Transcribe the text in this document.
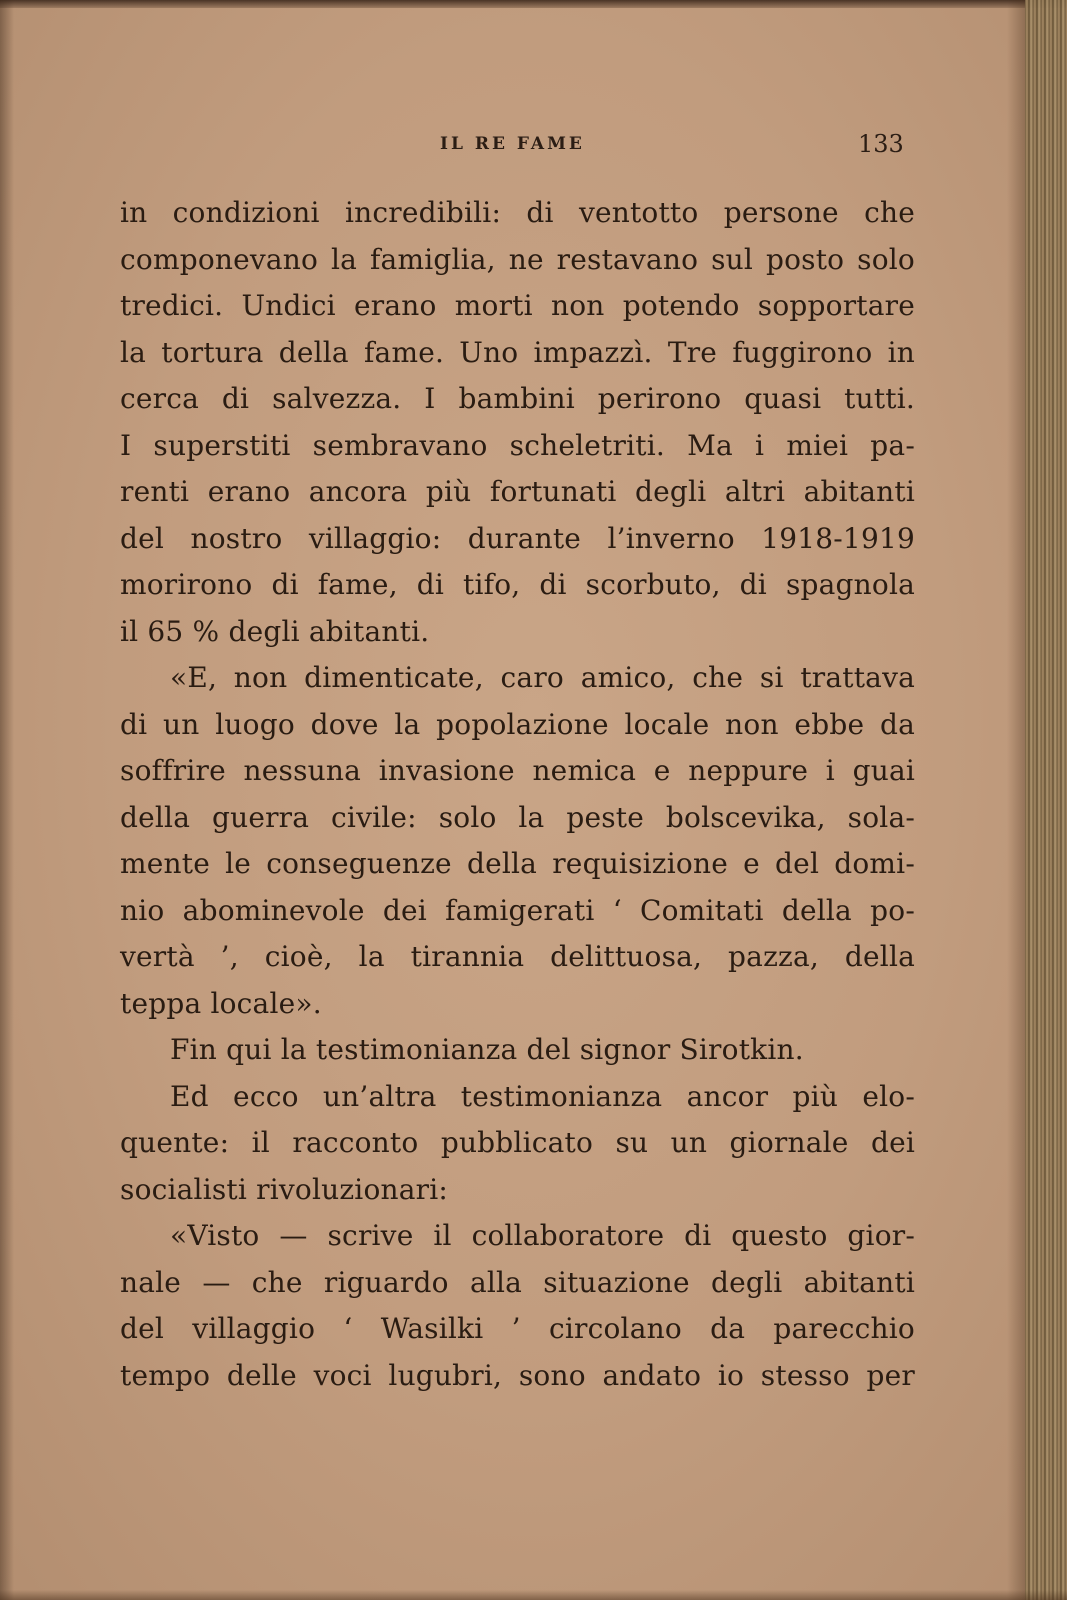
IL RE FAME	133
in condizioni incredibili: di ventotto persone che
componevano la famiglia, ne restavano sul posto solo
tredici. Undici erano morti non potendo sopportare
la tortura della fame. Uno impazzì. Tre fuggirono in
cerca di salvezza. I bambini perirono quasi tutti.
I superstiti sembravano scheletriti. Ma i miei pa-
renti erano ancora più fortunati degli altri abitanti
del nostro villaggio: durante l’inverno 1918-1919
morirono di fame, di tifo, di scorbuto, di spagnola
il 65 % degli abitanti.
«E, non dimenticate, caro amico, che si trattava
di un luogo dove la popolazione locale non ebbe da
soffrire nessuna invasione nemica e neppure i guai
della guerra civile: solo la peste bolscevika, sola-
mente le conseguenze della requisizione e del domi-
nio abominevole dei famigerati ‘ Comitati della po-
vertà ’, cioè, la tirannia delittuosa, pazza, della
teppa locale».
Fin qui la testimonianza del signor Sirotkin.
Ed ecco un’altra testimonianza ancor più elo-
quente: il racconto pubblicato su un giornale dei
socialisti rivoluzionari:
«Visto — scrive il collaboratore di questo gior-
nale — che riguardo alla situazione degli abitanti
del villaggio ‘ Wasilki ’ circolano da parecchio
tempo delle voci lugubri, sono andato io stesso per
